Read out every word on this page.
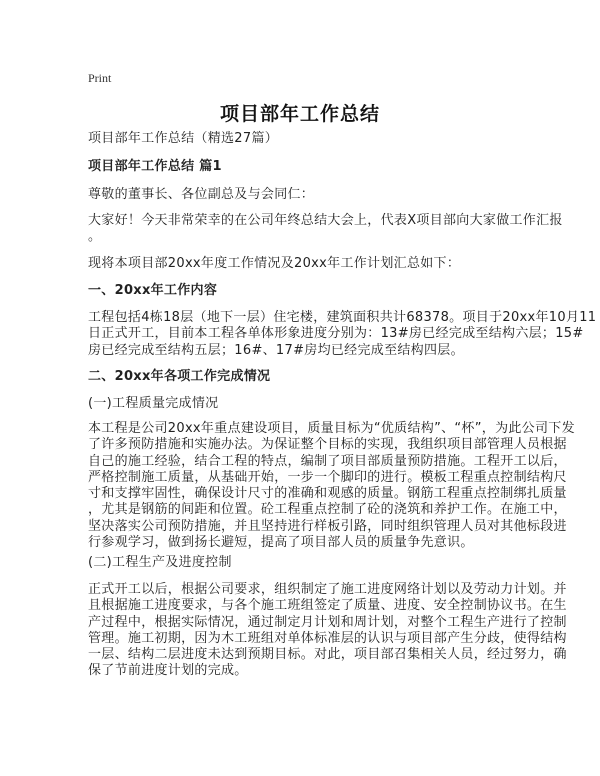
Print
项目部年工作总结
项目部年工作总结（精选27篇）
项目部年工作总结 篇1
尊敬的董事长、各位副总及与会同仁：
大家好！今天非常荣幸的在公司年终总结大会上，代表X项目部向大家做工作汇报
。
现将本项目部20xx年度工作情况及20xx年工作计划汇总如下：
一、20xx年工作内容
工程包括4栋18层（地下一层）住宅楼，建筑面积共计68378。项目于20xx年10月11
日正式开工，目前本工程各单体形象进度分别为：13#房已经完成至结构六层；15#
房已经完成至结构五层；16#、17#房均已经完成至结构四层。
二、20xx年各项工作完成情况
(一)工程质量完成情况
本工程是公司20xx年重点建设项目，质量目标为“优质结构”、“杯”，为此公司下发
了许多预防措施和实施办法。为保证整个目标的实现，我组织项目部管理人员根据
自己的施工经验，结合工程的特点，编制了项目部质量预防措施。工程开工以后，
严格控制施工质量，从基础开始，一步一个脚印的进行。模板工程重点控制结构尺
寸和支撑牢固性，确保设计尺寸的准确和观感的质量。钢筋工程重点控制绑扎质量
，尤其是钢筋的间距和位置。砼工程重点控制了砼的浇筑和养护工作。在施工中，
坚决落实公司预防措施，并且坚持进行样板引路，同时组织管理人员对其他标段进
行参观学习，做到扬长避短，提高了项目部人员的质量争先意识。
(二)工程生产及进度控制
正式开工以后，根据公司要求，组织制定了施工进度网络计划以及劳动力计划。并
且根据施工进度要求，与各个施工班组签定了质量、进度、安全控制协议书。在生
产过程中，根据实际情况，通过制定月计划和周计划，对整个工程生产进行了控制
管理。施工初期，因为木工班组对单体标准层的认识与项目部产生分歧，使得结构
一层、结构二层进度未达到预期目标。对此，项目部召集相关人员，经过努力，确
保了节前进度计划的完成。
